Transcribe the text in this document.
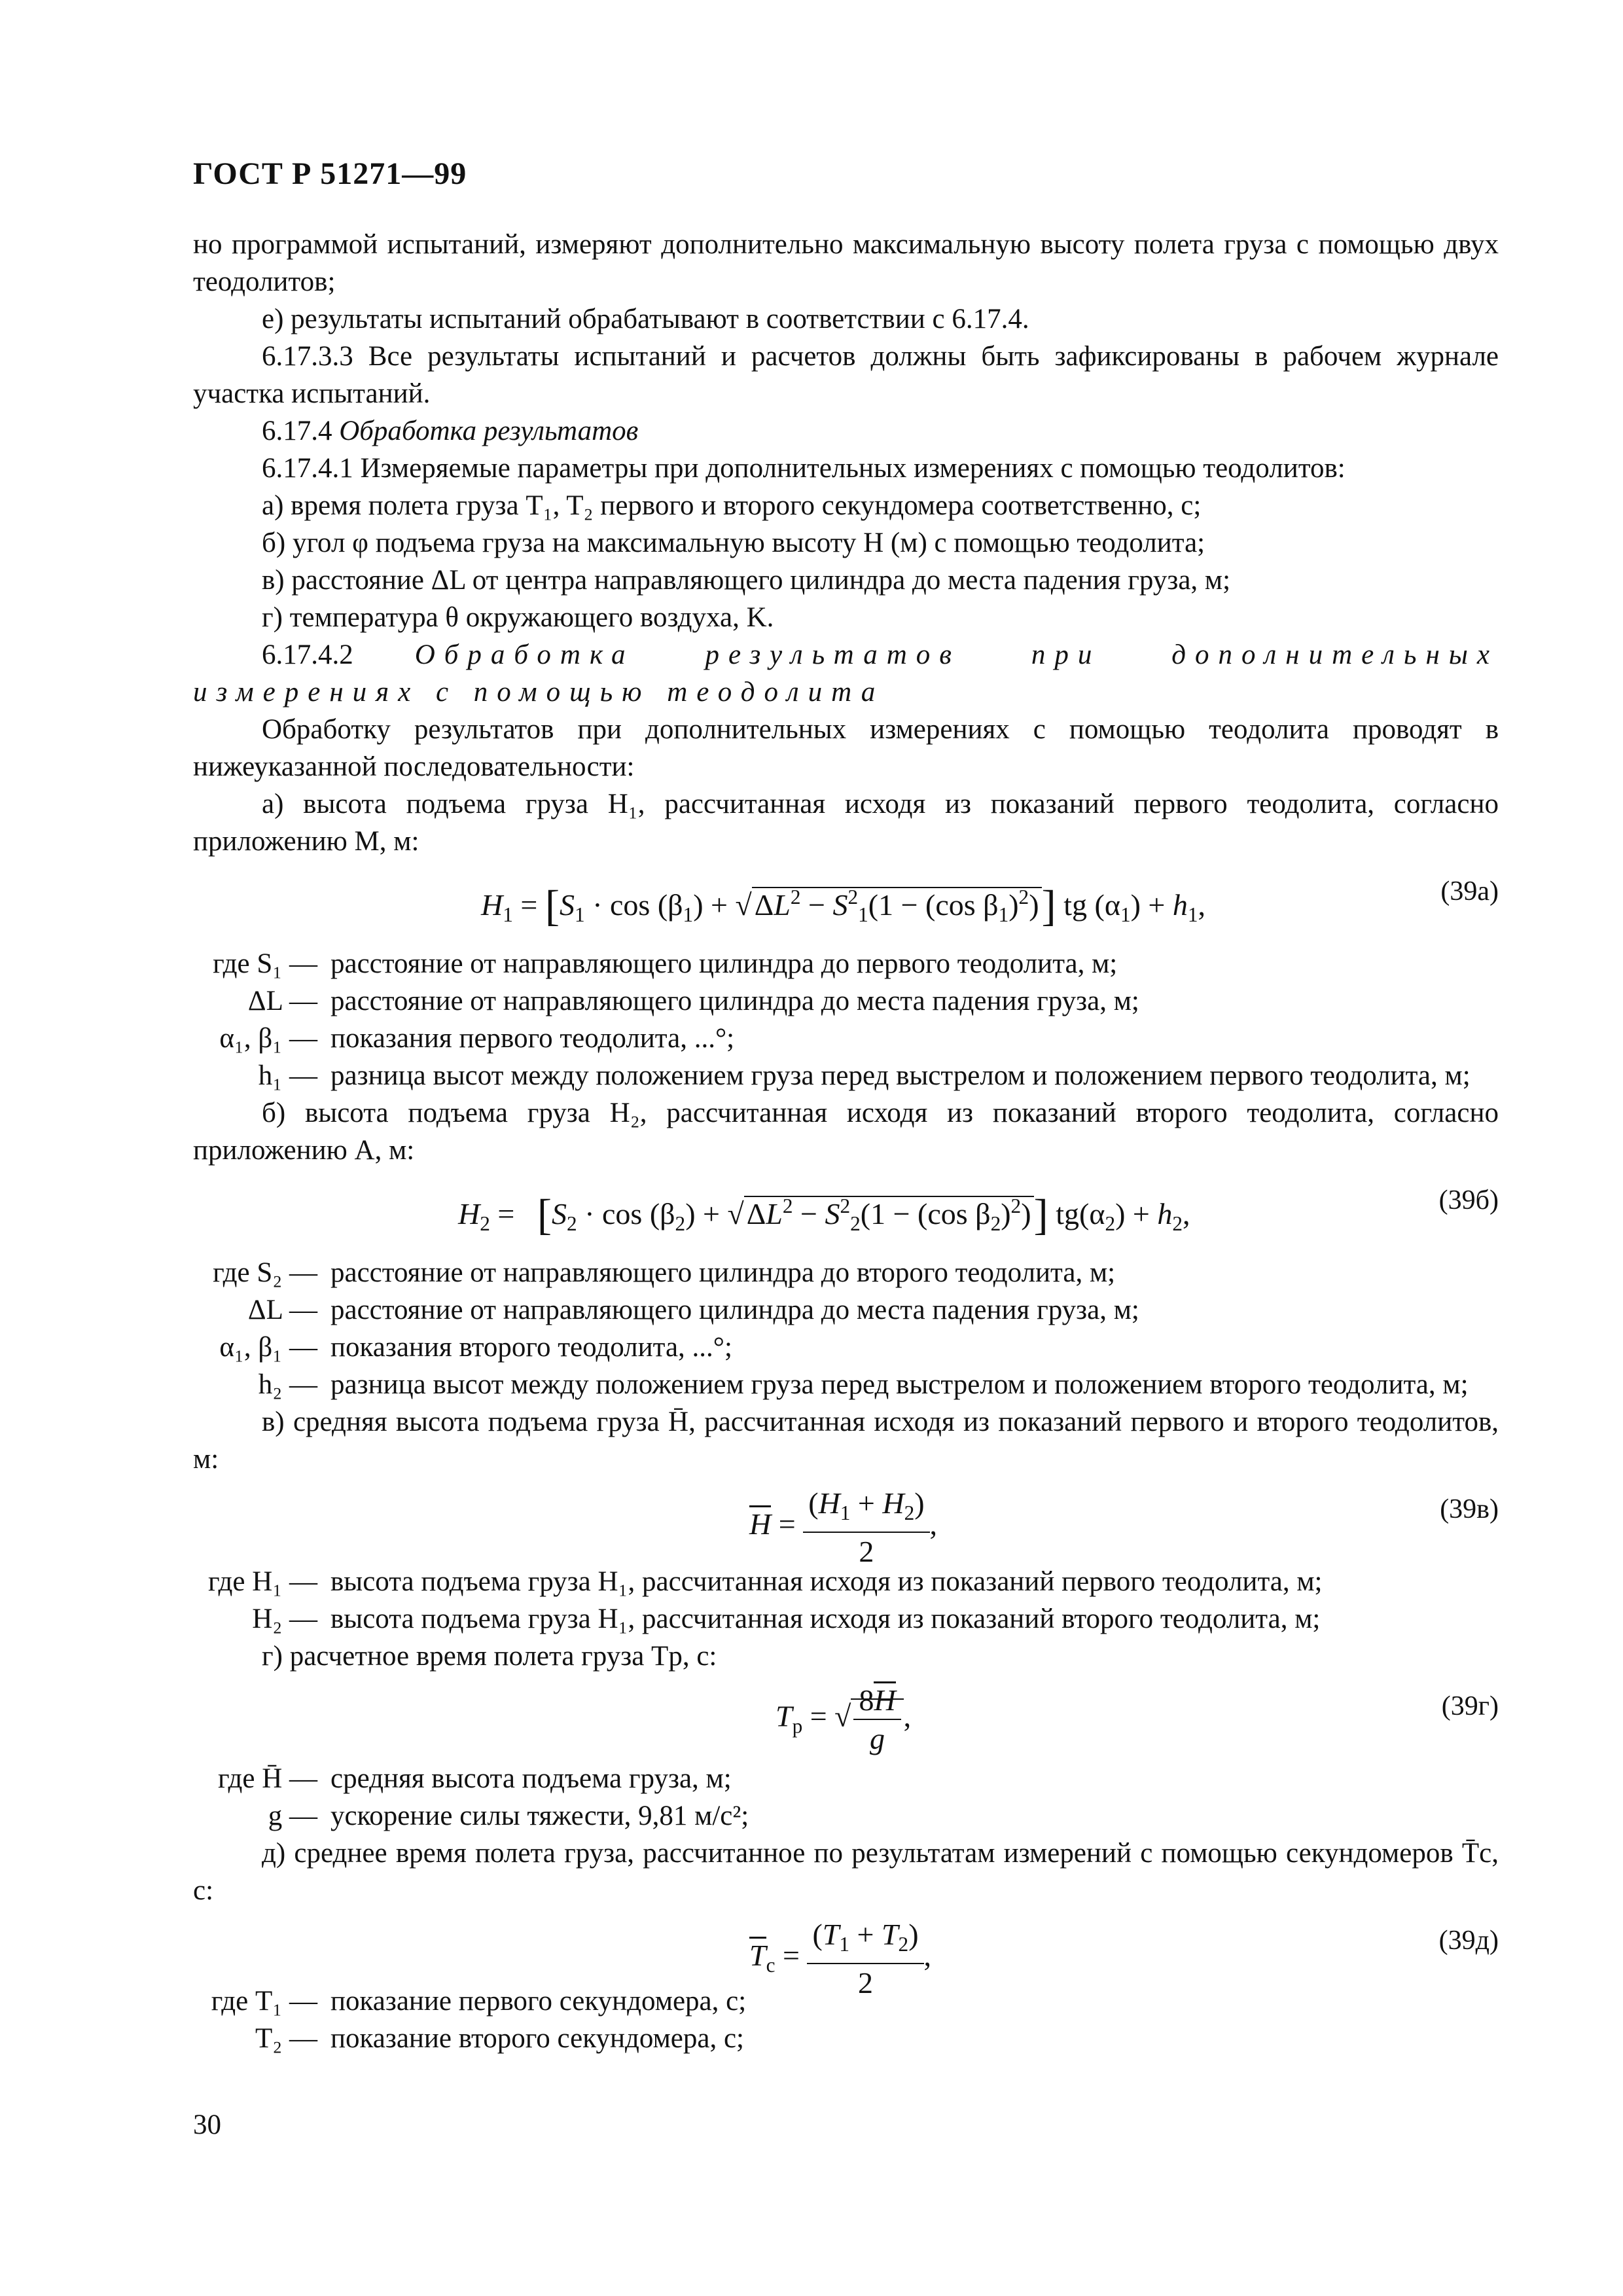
ГОСТ Р 51271—99

но программой испытаний, измеряют дополнительно максимальную высоту полета груза с помощью двух теодолитов;

е) результаты испытаний обрабатывают в соответствии с 6.17.4.

6.17.3.3 Все результаты испытаний и расчетов должны быть зафиксированы в рабочем журнале участка испытаний.

6.17.4 Обработка результатов

6.17.4.1 Измеряемые параметры при дополнительных измерениях с помощью теодолитов:

а) время полета груза T₁, T₂ первого и второго секундомера соответственно, с;

б) угол φ подъема груза на максимальную высоту H (м) с помощью теодолита;

в) расстояние ΔL от центра направляющего цилиндра до места падения груза, м;

г) температура θ окружающего воздуха, K.

6.17.4.2 Обработка результатов при дополнительных измерениях с помощью теодолита

Обработку результатов при дополнительных измерениях с помощью теодолита проводят в нижеуказанной последовательности:

а) высота подъема груза H₁, рассчитанная исходя из показаний первого теодолита, согласно приложению М, м:

$H_1 = [S_1 \cdot \cos (\beta_1) + √\Delta L^2 - S^2_1(1 - (\cos$ $\beta_1)^2$)] tg $(\alpha_1) + h_1$,	(39а)
где S₁ — расстояние от направляющего цилиндра до первого теодолита, м;
ΔL — расстояние от направляющего цилиндра до места падения груза, м;
α₁, β₁ — показания первого теодолита, ...°;
h₁ — разница высот между положением груза перед выстрелом и положением первого теодолита, м;

б) высота подъема груза H₂, рассчитанная исходя из показаний второго теодолита, согласно приложению А, м:

$H_2 = [S_2 \cdot \cos (\beta_2) + √\Delta L^2 - S^2_2(1 - (\cos$ $\beta_2)^2$)] $tg(\alpha_2) + h_2$,	(39б)
где S₂ — расстояние от направляющего цилиндра до второго теодолита, м;
ΔL — расстояние от направляющего цилиндра до места падения груза, м;
α₁, β₁ — показания второго теодолита, ...°;
h₂ — разница высот между положением груза перед выстрелом и положением второго теодолита, м;

в) средняя высота подъема груза H̄, рассчитанная исходя из показаний первого и второго теодолитов, м:

$H = \frac{(H_1 + H_2)}{2}$ ,	(39в)
где H₁ — высота подъема груза H₁, рассчитанная исходя из показаний первого теодолита, м;
H₂ — высота подъема груза H₁, рассчитанная исходя из показаний второго теодолита, м;

г) расчетное время полета груза Tр, с:

$T_р$ = √ $\frac{8H}{g}$ ,	(39г)
где H̄ — средняя высота подъема груза, м;
g — ускорение силы тяжести, 9,81 м/с²;

д) среднее время полета груза, рассчитанное по результатам измерений с помощью секундомеров T̄с, с:

$T_с = \frac{(T_1 + T_2)}{2}$ ,	(39д)
где T₁ — показание первого секундомера, с;
T₂ — показание второго секундомера, с;
30
